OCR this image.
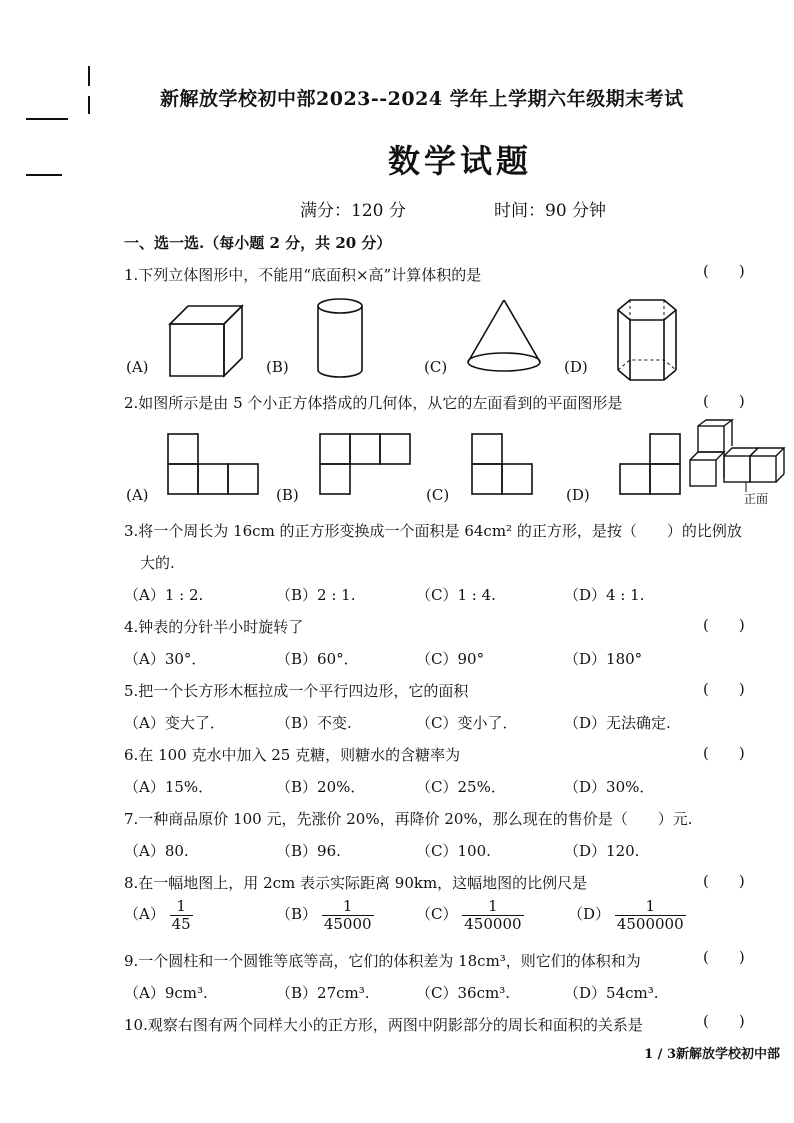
新解放学校初中部2023--2024 学年上学期六年级期末考试
数学试题
满分：120 分	时间：90 分钟
一、选一选.（每小题 2 分，共 20 分）
1.下列立体图形中，不能用“底面积×高”计算体积的是	(　　)
(A)	(B)	(C)	(D)
2.如图所示是由 5 个小正方体搭成的几何体，从它的左面看到的平面图形是	(　　)
(A)	(B)	(C)	(D)	正面
3.将一个周长为 16cm 的正方形变换成一个面积是 64cm² 的正方形，是按（　　）的比例放
大的.
（A）1 : 2.	（B）2 : 1.	（C）1 : 4.	（D）4 : 1.
4.钟表的分针半小时旋转了	(　　)
（A）30°．	（B）60°．	（C）90°	（D）180°
5.把一个长方形木框拉成一个平行四边形，它的面积	(　　)
（A）变大了．	（B）不变.	（C）变小了．	（D）无法确定.
6.在 100 克水中加入 25 克糖，则糖水的含糖率为	(　　)
（A）15%．	（B）20%．	（C）25%．	（D）30%．
7.一种商品原价 100 元，先涨价 20%，再降价 20%，那么现在的售价是（　　）元.
（A）80.	（B）96.	（C）100.	（D）120.
8.在一幅地图上，用 2cm 表示实际距离 90km，这幅地图的比例尺是	(　　)
$(A) \frac{1}{45}$	$(B) \frac{1}{45000}$	$(C) \frac{1}{450000}$	$(D) \frac{1}{4500000}$
9.一个圆柱和一个圆锥等底等高，它们的体积差为 18cm³，则它们的体积和为	(　　)
（A）9cm³.	（B）27cm³.	（C）36cm³.	（D）54cm³.
10.观察右图有两个同样大小的正方形，两图中阴影部分的周长和面积的关系是	(　　)
1 / 3新解放学校初中部
